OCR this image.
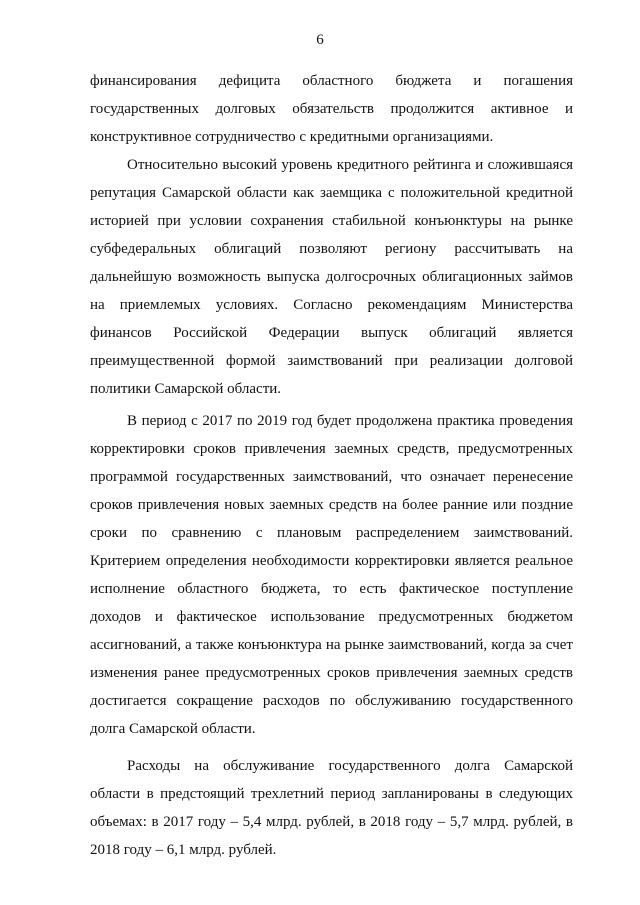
6
финансирования дефицита областного бюджета и погашения
государственных долговых обязательств продолжится активное и
конструктивное сотрудничество с кредитными организациями.
Относительно высокий уровень кредитного рейтинга и сложившаяся
репутация Самарской области как заемщика с положительной кредитной
историей при условии сохранения стабильной конъюнктуры на рынке
субфедеральных облигаций позволяют региону рассчитывать на
дальнейшую возможность выпуска долгосрочных облигационных займов
на приемлемых условиях. Согласно рекомендациям Министерства
финансов Российской Федерации выпуск облигаций является
преимущественной формой заимствований при реализации долговой
политики Самарской области.
В период с 2017 по 2019 год будет продолжена практика проведения
корректировки сроков привлечения заемных средств, предусмотренных
программой государственных заимствований, что означает перенесение
сроков привлечения новых заемных средств на более ранние или поздние
сроки по сравнению с плановым распределением заимствований.
Критерием определения необходимости корректировки является реальное
исполнение областного бюджета, то есть фактическое поступление
доходов и фактическое использование предусмотренных бюджетом
ассигнований, а также конъюнктура на рынке заимствований, когда за счет
изменения ранее предусмотренных сроков привлечения заемных средств
достигается сокращение расходов по обслуживанию государственного
долга Самарской области.
Расходы на обслуживание государственного долга Самарской
области в предстоящий трехлетний период запланированы в следующих
объемах: в 2017 году – 5,4 млрд. рублей, в 2018 году – 5,7 млрд. рублей, в
2018 году – 6,1 млрд. рублей.
